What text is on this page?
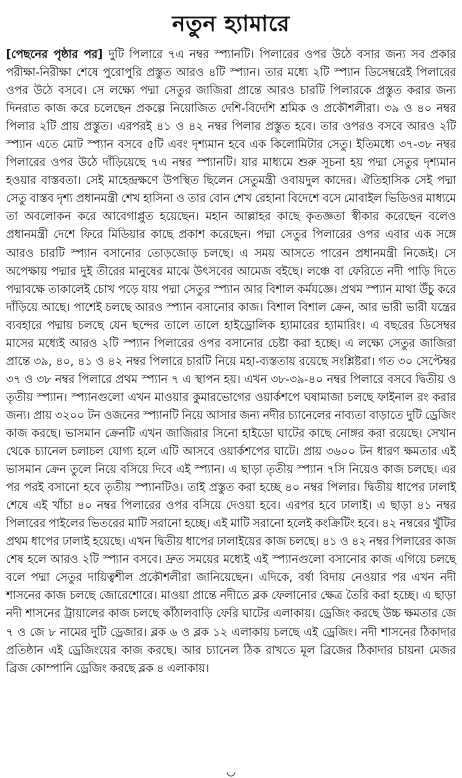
নতুন হ্যামারে
[পেছনের পৃষ্ঠার পর] দুটি পিলারে ৭এ নম্বর স্প্যানটি। পিলারের ওপর উঠে বসার জন্য সব প্রকার পরীক্ষা-নিরীক্ষা শেষে পুরোপুরি প্রস্তুত আরও ৪টি স্প্যান। তার মধ্যে ২টি স্প্যান ডিসেম্বরেই পিলারের ওপর উঠে বসবে। সে লক্ষ্যে পদ্মা সেতুর জাজিরা প্রান্তে আরও চারটি পিলারকে প্রস্তুত করার জন্য দিনরাত কাজ করে চলেছেন প্রকল্পে নিয়োজিত দেশি-বিদেশি শ্রমিক ও প্রকৌশলীরা। ৩৯ ও ৪০ নম্বর পিলার ২টি প্রায় প্রস্তুত। এরপরই ৪১ ও ৪২ নম্বর পিলার প্রস্তুত হবে। তার ওপরও বসবে আরও ২টি স্প্যান এতে মোট স্প্যান বসবে ৫টি এবং দৃশ্যমান হবে এক কিলোমিটার সেতু। ইতিমধ্যে ৩৭-৩৮ নম্বর পিলারের ওপর উঠে দাঁড়িয়েছে ৭এ নম্বর স্প্যানটি। যার মাধ্যমে শুরু সূচনা হয় পদ্মা সেতুর দৃশ্যমান হওয়ার বাস্তবতা। সেই মাহেন্দ্রক্ষণে উপস্থিত ছিলেন সেতুমন্ত্রী ওবায়দুল কাদের। ঐতিহাসিক সেই পদ্মা সেতু বাস্তব দৃশ্য প্রধানমন্ত্রী শেখ হাসিনা ও তার বোন শেখ রেহানা বিদেশে বসে মোবাইল ভিডিওর মাধ্যমে তা অবলোকন করে আবেগাপ্লুত হয়েছেন। মহান আল্লাহর কাছে কৃতজ্ঞতা স্বীকার করেছেন বলেও প্রধানমন্ত্রী দেশে ফিরে মিডিয়ার কাছে প্রকাশ করেছেন। পদ্মা সেতুর পিলারের ওপর এবার এক সঙ্গে আরও চারটি স্প্যান বসানোর তোড়জোড় চলছে। এ সময় আসতে পারেন প্রধানমন্ত্রী নিজেই। সে অপেক্ষায় পদ্মার দুই তীরের মানুষের মাঝে উৎসবের আমেজ বইছে। লঞ্চে বা ফেরিতে নদী পাড়ি দিতে পদ্মাবক্ষে তাকালেই চোখ পড়ে যায় পদ্মা সেতুর স্প্যান আর বিশাল কর্মযজ্ঞে। প্রথম স্প্যান মাথা উঁচু করে দাঁড়িয়ে আছে। পাশেই চলছে আরও স্প্যান বসানোর কাজ। বিশাল বিশাল ক্রেন, আর ভারী ভারী যন্ত্রের ব্যবহারে পদ্মায় চলছে যেন ছন্দের তালে তালে হাইড্রোলিক হ্যামারের হ্যামারিং। এ বছরের ডিসেম্বর মাসের মধ্যেই আরও ২টি স্প্যান পিলারের ওপর বসানোর চেষ্টা করা হচ্ছে। এ লক্ষ্যে সেতুর জাজিরা প্রান্তে ৩৯, ৪০, ৪১ ও ৪২ নম্বর পিলারে চারটি নিয়ে মহা-ব্যস্ততায় রয়েছে সংশ্লিষ্টরা। গত ৩০ সেপ্টেম্বর ৩৭ ও ৩৮ নম্বর পিলারে প্রথম স্প্যান ৭ এ স্থাপন হয়। এখন ৩৮-৩৯-৪০ নম্বর পিলারে বসবে দ্বিতীয় ও তৃতীয় স্প্যান। স্প্যানগুলো এখন মাওয়ার কুমারভোগের ওয়ার্কশপে ঘষামাজা চলছে ফাইনাল রং করার জন্য। প্রায় ৩২০০ টন ওজনের স্প্যানটি নিয়ে আসার জন্য নদীর চ্যানেলের নাব্যতা বাড়াতে দুটি ড্রেজিং কাজ করছে। ভাসমান ক্রেনটি এখন জাজিরার সিনো হাইডো ঘাটের কাছে নোঙ্গর করা রয়েছে। সেখান থেকে চ্যানেল চলাচল যোগ্য হলে এটি আসবে ওয়ার্কশপের ঘাটে। প্রায় ৩৬০০ টন ধারণ ক্ষমতার এই ভাসমান ক্রেন তুলে নিয়ে বসিয়ে দিবে এই স্প্যান। এ ছাড়া তৃতীয় স্প্যান ৭সি নিয়েও কাজ চলছে। এর পর পরই বসানো হবে তৃতীয় স্প্যানটিও। তাই প্রস্তুত করা হচ্ছে ৪০ নম্বর পিলার। দ্বিতীয় ধাপের ঢালাই শেষে এই খাঁচা ৪০ নম্বর পিলারের ওপর বসিয়ে দেওয়া হবে। এরপর হবে ঢালাই। এ ছাড়া ৪১ নম্বর পিলারের পাইলের ভিতরের মাটি সরানো হচ্ছে। এই মাটি সরানো হলেই কংক্রিটিং হবে। ৪২ নম্বরের খুঁটির প্রথম ধাপের ঢালাই হয়েছে। এখন দ্বিতীয় ধাপের ঢালাইয়ের কাজ চলছে। ৪১ ও ৪২ নম্বর পিলারের কাজ শেষ হলে আরও ২টি স্প্যান বসবে। দ্রুত সময়ের মধ্যেই এই স্প্যানগুলো বসানোর কাজ এগিয়ে চলছে বলে পদ্মা সেতুর দায়িত্বশীল প্রকৌশলীরা জানিয়েছেন। এদিকে, বর্ষা বিদায় নেওয়ার পর এখন নদী শাসনের কাজ চলছে জোরেশোরে। মাওয়া প্রান্তে নদীতে ব্লক ফেলানোর ক্ষেত্র তৈরি করা হচ্ছে। এ ছাড়া নদী শাসনের ট্রায়ালের কাজ চলছে কাঁঠালবাড়ি ফেরি ঘাটের এলাকায়। ড্রেজিং করছে উচ্চ ক্ষমতার জে ৭ ও জে ৮ নামের দুটি ড্রেজার। ব্লক ৬ ও ব্লক ১২ এলাকায় চলছে এই ড্রেজিং। নদী শাসনের ঠিকাদার প্রতিষ্ঠান এই ড্রেজিংয়ের কাজ করছে। আর চ্যানেল ঠিক রাখতে মূল ব্রিজের ঠিকাদার চায়না মেজর ব্রিজ কোম্পানি ড্রেজিং করছে ব্লক ৪ এলাকায়।
◡
